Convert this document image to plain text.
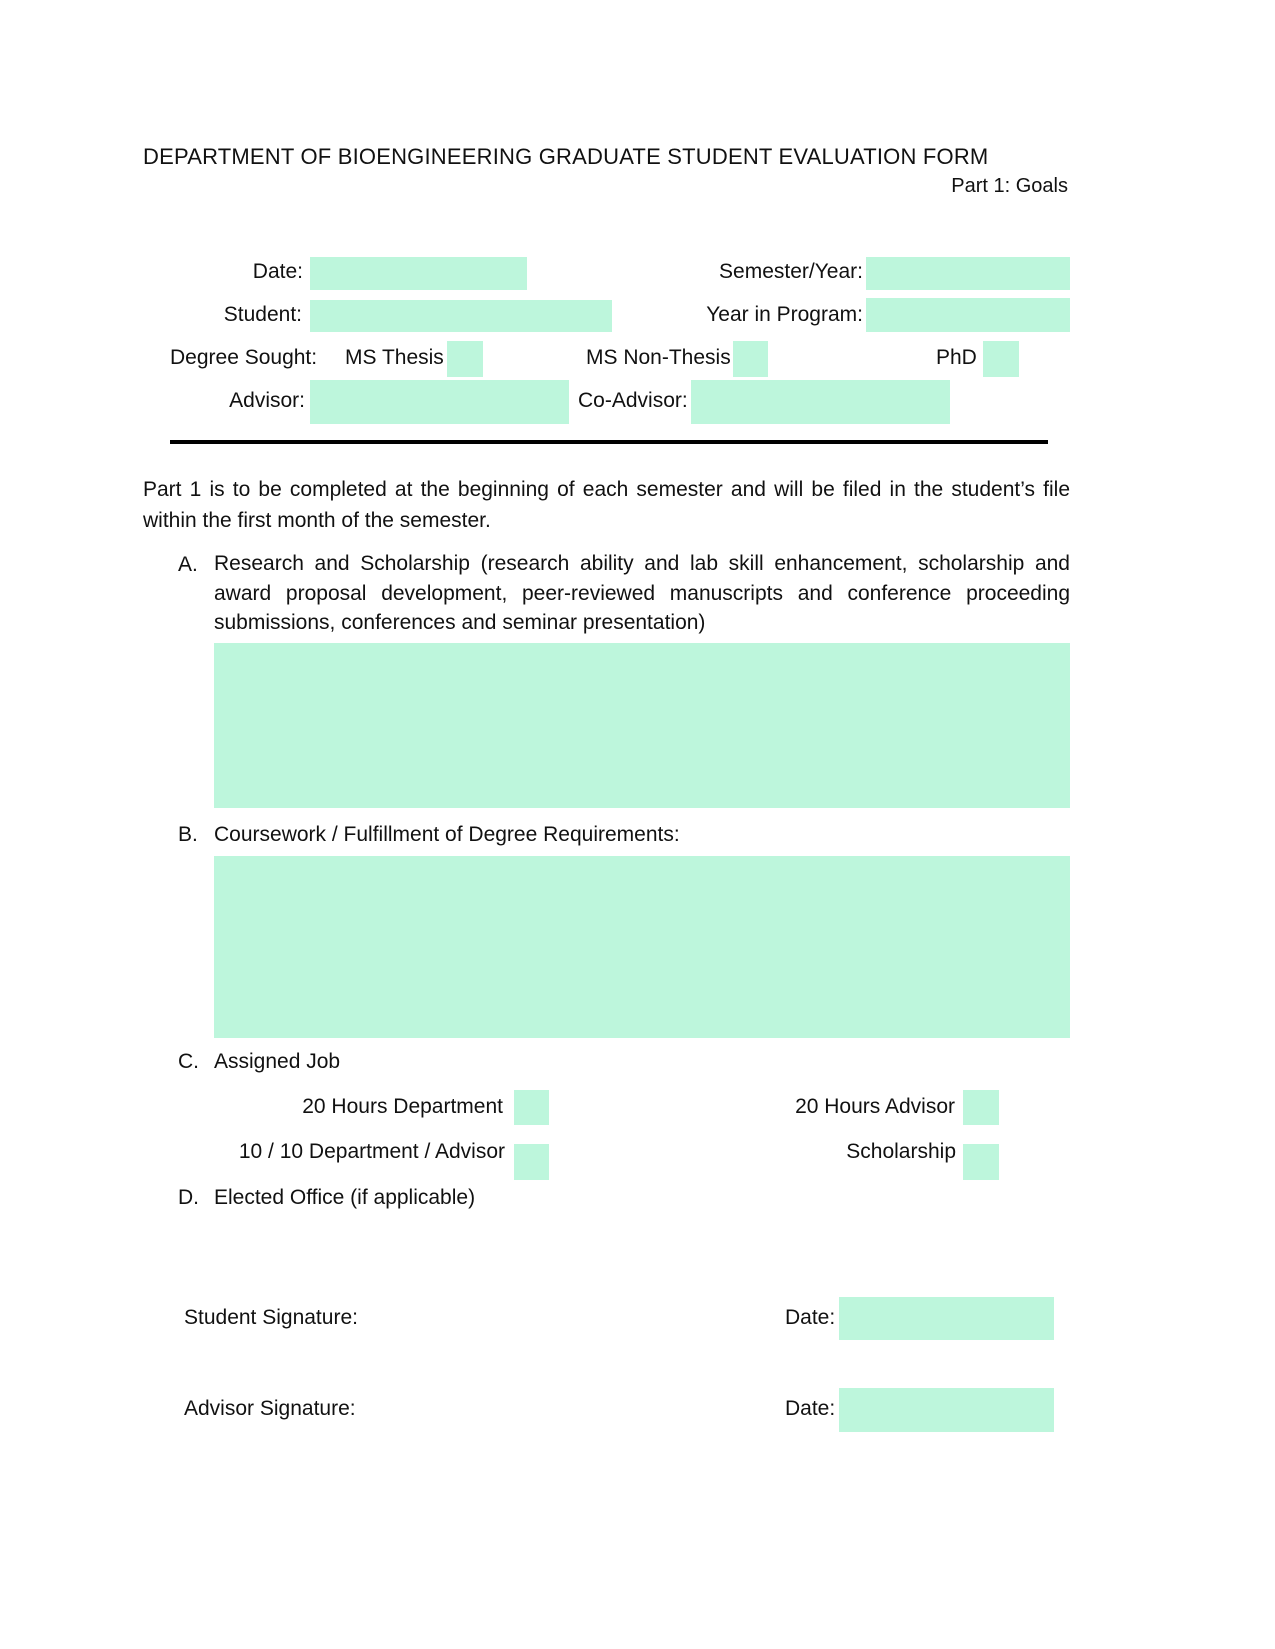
DEPARTMENT OF BIOENGINEERING GRADUATE STUDENT EVALUATION FORM
Part 1: Goals
Date:	Semester/Year:
Student:	Year in Program:
Degree Sought: MS Thesis	MS Non-Thesis	PhD
Advisor:	Co-Advisor:
Part 1 is to be completed at the beginning of each semester and will be filed in the student’s file within the first month of the semester.
A. Research and Scholarship (research ability and lab skill enhancement, scholarship and award proposal development, peer-reviewed manuscripts and conference proceeding submissions, conferences and seminar presentation)
B. Coursework / Fulfillment of Degree Requirements:
C. Assigned Job
20 Hours Department	20 Hours Advisor
10 / 10 Department / Advisor	Scholarship
D. Elected Office (if applicable)
Student Signature:	Date:
Advisor Signature:	Date:
